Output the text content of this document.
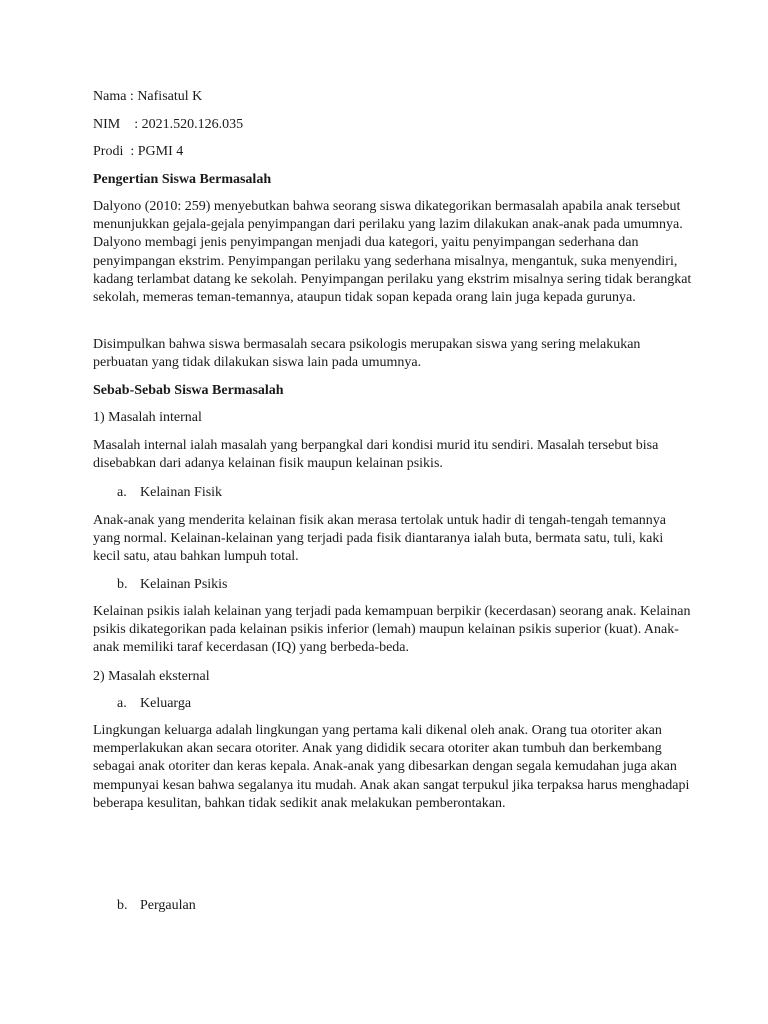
Nama : Nafisatul K

NIM    : 2021.520.126.035

Prodi  : PGMI 4

Pengertian Siswa Bermasalah

Dalyono (2010: 259) menyebutkan bahwa seorang siswa dikategorikan bermasalah apabila anak tersebut menunjukkan gejala-gejala penyimpangan dari perilaku yang lazim dilakukan anak-anak pada umumnya. Dalyono membagi jenis penyimpangan menjadi dua kategori, yaitu penyimpangan sederhana dan penyimpangan ekstrim. Penyimpangan perilaku yang sederhana misalnya, mengantuk, suka menyendiri, kadang terlambat datang ke sekolah. Penyimpangan perilaku yang ekstrim misalnya sering tidak berangkat sekolah, memeras teman-temannya, ataupun tidak sopan kepada orang lain juga kepada gurunya.

Disimpulkan bahwa siswa bermasalah secara psikologis merupakan siswa yang sering melakukan perbuatan yang tidak dilakukan siswa lain pada umumnya.

Sebab-Sebab Siswa Bermasalah

1) Masalah internal

Masalah internal ialah masalah yang berpangkal dari kondisi murid itu sendiri. Masalah tersebut bisa disebabkan dari adanya kelainan fisik maupun kelainan psikis.

a. Kelainan Fisik

Anak-anak yang menderita kelainan fisik akan merasa tertolak untuk hadir di tengah-tengah temannya yang normal. Kelainan-kelainan yang terjadi pada fisik diantaranya ialah buta, bermata satu, tuli, kaki kecil satu, atau bahkan lumpuh total.

b. Kelainan Psikis

Kelainan psikis ialah kelainan yang terjadi pada kemampuan berpikir (kecerdasan) seorang anak. Kelainan psikis dikategorikan pada kelainan psikis inferior (lemah) maupun kelainan psikis superior (kuat). Anak-anak memiliki taraf kecerdasan (IQ) yang berbeda-beda.

2) Masalah eksternal

a. Keluarga

Lingkungan keluarga adalah lingkungan yang pertama kali dikenal oleh anak. Orang tua otoriter akan memperlakukan akan secara otoriter. Anak yang dididik secara otoriter akan tumbuh dan berkembang sebagai anak otoriter dan keras kepala. Anak-anak yang dibesarkan dengan segala kemudahan juga akan mempunyai kesan bahwa segalanya itu mudah. Anak akan sangat terpukul jika terpaksa harus menghadapi beberapa kesulitan, bahkan tidak sedikit anak melakukan pemberontakan.

b. Pergaulan
